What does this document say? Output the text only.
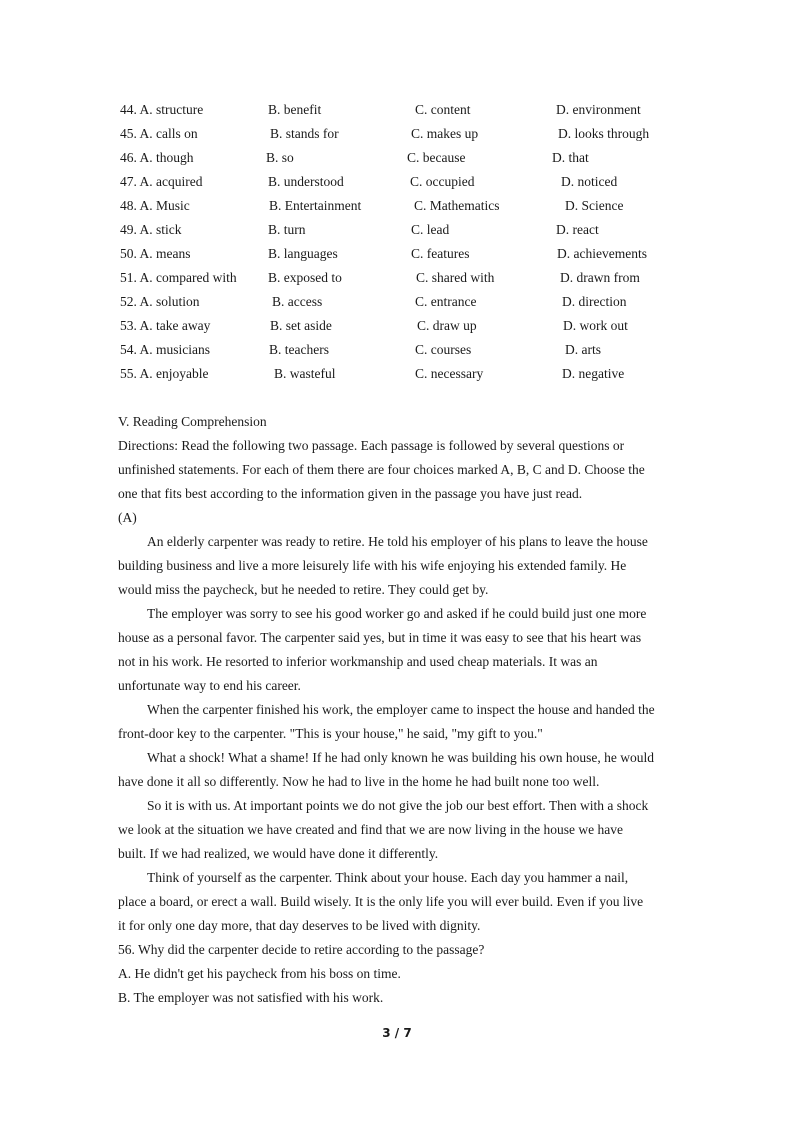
44. A. structure	B. benefit	C. content	D. environment
45. A. calls on	B. stands for	C. makes up	D. looks through
46. A. though	B. so	C. because	D. that
47. A. acquired	B. understood	C. occupied	D. noticed
48. A. Music	B. Entertainment	C. Mathematics	D. Science
49. A. stick	B. turn	C. lead	D. react
50. A. means	B. languages	C. features	D. achievements
51. A. compared with B. exposed to	C. shared with	D. drawn from
52. A. solution	B. access	C. entrance	D. direction
53. A. take away	B. set aside	C. draw up	D. work out
54. A. musicians	B. teachers	C. courses	D. arts
55. A. enjoyable	B. wasteful	C. necessary	D. negative
V. Reading Comprehension
Directions: Read the following two passage. Each passage is followed by several questions or
unfinished statements. For each of them there are four choices marked A, B, C and D. Choose the
one that fits best according to the information given in the passage you have just read.
(A)
An elderly carpenter was ready to retire. He told his employer of his plans to leave the house
building business and live a more leisurely life with his wife enjoying his extended family. He
would miss the paycheck, but he needed to retire. They could get by.
The employer was sorry to see his good worker go and asked if he could build just one more
house as a personal favor. The carpenter said yes, but in time it was easy to see that his heart was
not in his work. He resorted to inferior workmanship and used cheap materials. It was an
unfortunate way to end his career.
When the carpenter finished his work, the employer came to inspect the house and handed the
front-door key to the carpenter. "This is your house," he said, "my gift to you."
What a shock! What a shame! If he had only known he was building his own house, he would
have done it all so differently. Now he had to live in the home he had built none too well.
So it is with us. At important points we do not give the job our best effort. Then with a shock
we look at the situation we have created and find that we are now living in the house we have
built. If we had realized, we would have done it differently.
Think of yourself as the carpenter. Think about your house. Each day you hammer a nail,
place a board, or erect a wall. Build wisely. It is the only life you will ever build. Even if you live
it for only one day more, that day deserves to be lived with dignity.
56. Why did the carpenter decide to retire according to the passage?
A. He didn't get his paycheck from his boss on time.
B. The employer was not satisfied with his work.
3 / 7
